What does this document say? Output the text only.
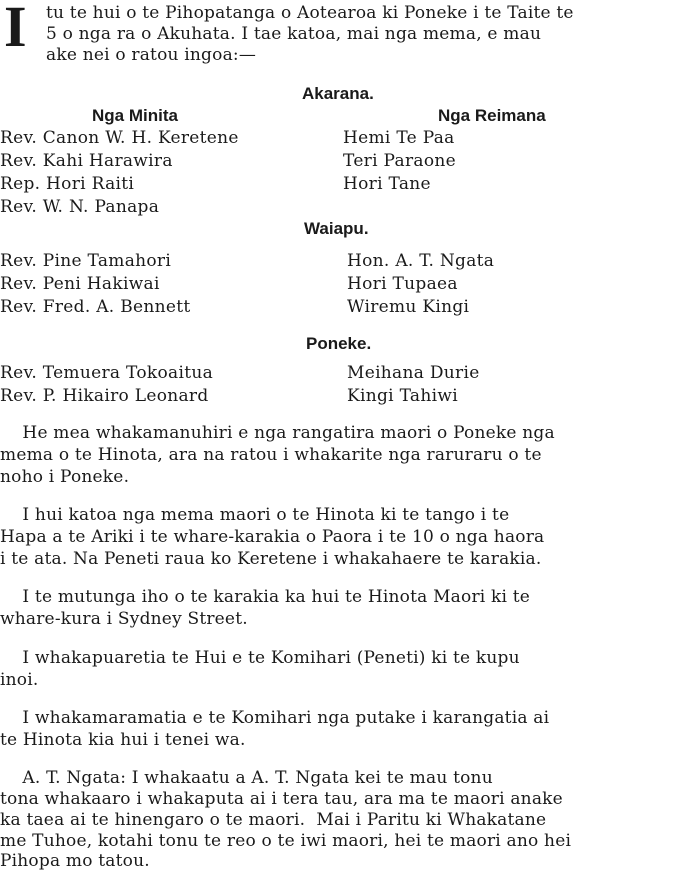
I tu te hui o te Pihopatanga o Aotearoa ki Poneke i te Taite te
5 o nga ra o Akuhata. I tae katoa, mai nga mema, e mau
ake nei o ratou ingoa:—
Akarana.
Nga Minita	Nga Reimana
Rev. Canon W. H. Keretene
Rev. Kahi Harawira
Rep. Hori Raiti
Rev. W. N. Panapa
Hemi Te Paa
Teri Paraone
Hori Tane
Waiapu.
Rev. Pine Tamahori
Rev. Peni Hakiwai
Rev. Fred. A. Bennett
Hon. A. T. Ngata
Hori Tupaea
Wiremu Kingi
Poneke.
Rev. Temuera Tokoaitua
Rev. P. Hikairo Leonard
Meihana Durie
Kingi Tahiwi
He mea whakamanuhiri e nga rangatira maori o Poneke nga
mema o te Hinota, ara na ratou i whakarite nga raruraru o te
noho i Poneke.
I hui katoa nga mema maori o te Hinota ki te tango i te
Hapa a te Ariki i te whare-karakia o Paora i te 10 o nga haora
i te ata. Na Peneti raua ko Keretene i whakahaere te karakia.
I te mutunga iho o te karakia ka hui te Hinota Maori ki te
whare-kura i Sydney Street.
I whakapuaretia te Hui e te Komihari (Peneti) ki te kupu
inoi.
I whakamaramatia e te Komihari nga putake i karangatia ai
te Hinota kia hui i tenei wa.
A. T. Ngata: I whakaatu a A. T. Ngata kei te mau tonu
tona whakaaro i whakaputa ai i tera tau, ara ma te maori anake
ka taea ai te hinengaro o te maori.  Mai i Paritu ki Whakatane
me Tuhoe, kotahi tonu te reo o te iwi maori, hei te maori ano hei
Pihopa mo tatou.
